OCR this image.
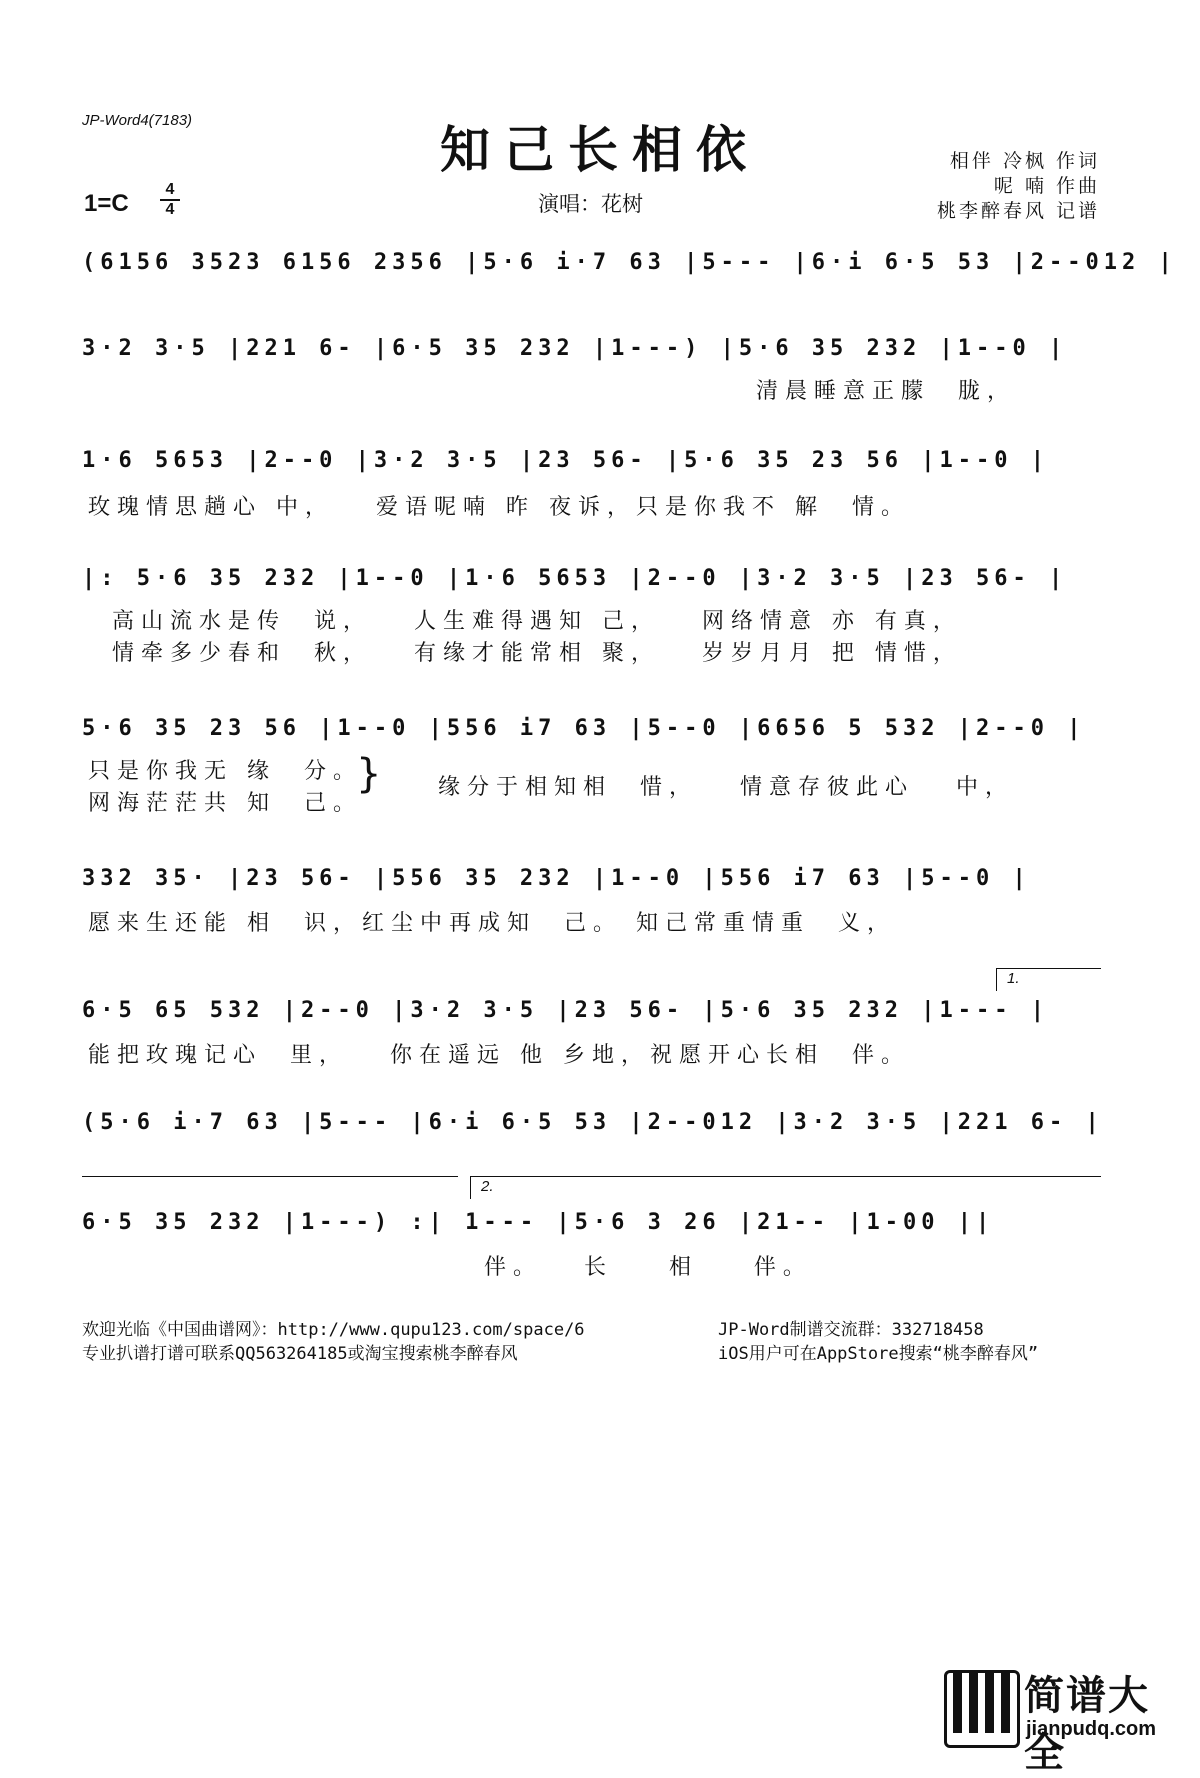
JP-Word4(7183)	知己长相依
1=C
4
4	演唱：花树
相伴 冷枫 作词
呢 喃 作曲
桃李醉春风 记谱
(6156 3523 6156 2356 |5·6 i·7 63 |5--- |6·i 6·5 53 |2--012 |
3·2 3·5 |221 6- |6·5 35 232 |1---) |5·6 35 232 |1--0 |
清晨睡意正朦  胧，
1·6 5653 |2--0 |3·2 3·5 |23 56- |5·6 35 23 56 |1--0 |
玫瑰情思趟心 中，   爱语呢喃 昨 夜诉，只是你我不 解  情。
|: 5·6 35 232 |1--0 |1·6 5653 |2--0 |3·2 3·5 |23 56- |
高山流水是传  说，   人生难得遇知 己，   网络情意 亦 有真，
情牵多少春和  秋，   有缘才能常相 聚，   岁岁月月 把 情惜，
5·6 35 23 56 |1--0 |556 i7 63 |5--0 |6656 5 532 |2--0 |
只是你我无 缘  分。
网海茫茫共 知  己。
}	缘分于相知相  惜，   情意存彼此心   中，
332 35· |23 56- |556 35 232 |1--0 |556 i7 63 |5--0 |
愿来生还能 相  识，红尘中再成知  己。 知己常重情重  义，
1.
6·5 65 532 |2--0 |3·2 3·5 |23 56- |5·6 35 232 |1--- |
能把玫瑰记心  里，   你在遥远 他 乡地，祝愿开心长相  伴。
(5·6 i·7 63 |5--- |6·i 6·5 53 |2--012 |3·2 3·5 |221 6- |
2.
6·5 35 232 |1---) :| 1--- |5·6 3 26 |21-- |1-00 ||
伴。   长    相    伴。
欢迎光临《中国曲谱网》：http://www.qupu123.com/space/6
专业扒谱打谱可联系QQ563264185或淘宝搜索桃李醉春风
JP-Word制谱交流群：332718458
iOS用户可在AppStore搜索“桃李醉春风”
简谱大全
jianpudq.com
